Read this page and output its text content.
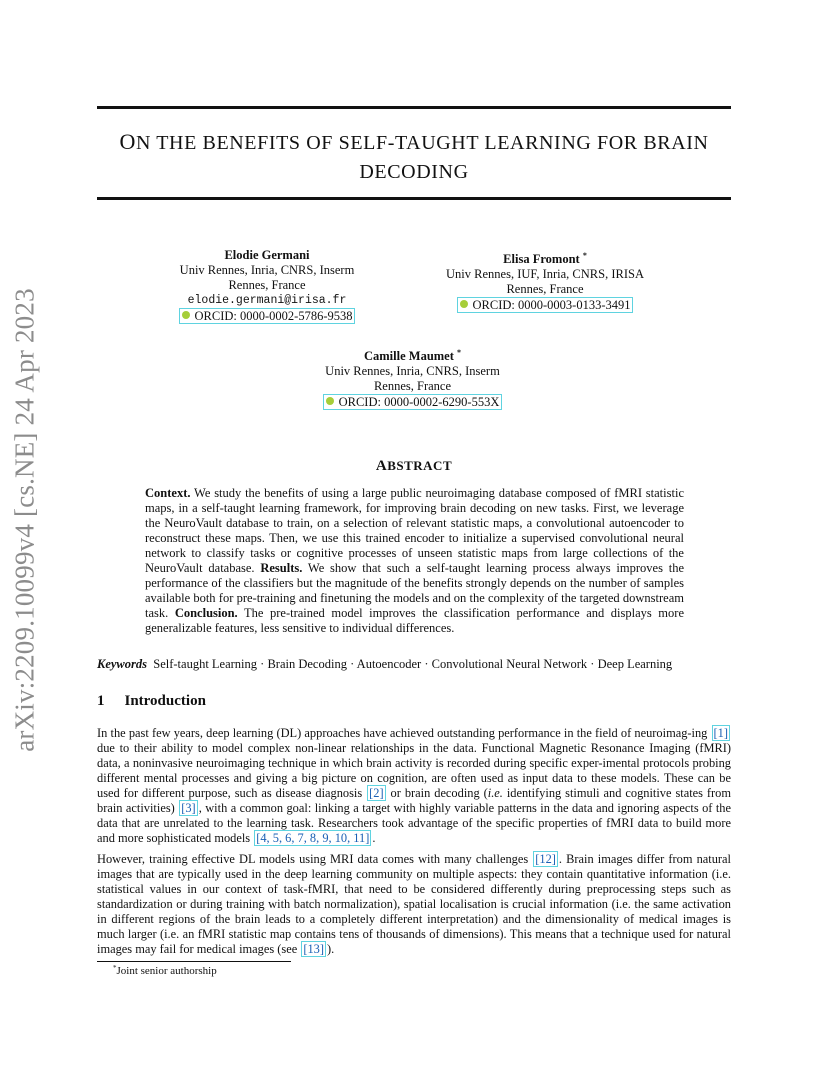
arXiv:2209.10099v4 [cs.NE] 24 Apr 2023
ON THE BENEFITS OF SELF-TAUGHT LEARNING FOR BRAIN
DECODING
Elodie Germani
Univ Rennes, Inria, CNRS, Inserm
Rennes, France
elodie.germani@irisa.fr
ORCID: 0000-0002-5786-9538
Elisa Fromont *
Univ Rennes, IUF, Inria, CNRS, IRISA
Rennes, France
ORCID: 0000-0003-0133-3491
Camille Maumet *
Univ Rennes, Inria, CNRS, Inserm
Rennes, France
ORCID: 0000-0002-6290-553X
ABSTRACT
Context. We study the benefits of using a large public neuroimaging database composed of fMRI statistic maps, in a self-taught learning framework, for improving brain decoding on new tasks. First, we leverage the NeuroVault database to train, on a selection of relevant statistic maps, a convolutional autoencoder to reconstruct these maps. Then, we use this trained encoder to initialize a supervised convolutional neural network to classify tasks or cognitive processes of unseen statistic maps from large collections of the NeuroVault database. Results. We show that such a self-taught learning process always improves the performance of the classifiers but the magnitude of the benefits strongly depends on the number of samples available both for pre-training and finetuning the models and on the complexity of the targeted downstream task. Conclusion. The pre-trained model improves the classification performance and displays more generalizable features, less sensitive to individual differences.
Keywords Self-taught Learning · Brain Decoding · Autoencoder · Convolutional Neural Network · Deep Learning
1 Introduction
In the past few years, deep learning (DL) approaches have achieved outstanding performance in the field of neuroimag-ing [1] due to their ability to model complex non-linear relationships in the data. Functional Magnetic Resonance Imaging (fMRI) data, a noninvasive neuroimaging technique in which brain activity is recorded during specific exper-imental protocols probing different mental processes and giving a big picture on cognition, are often used as input data to these models. These can be used for different purpose, such as disease diagnosis [2] or brain decoding (i.e. identifying stimuli and cognitive states from brain activities) [3] , with a common goal: linking a target with highly variable patterns in the data and ignoring aspects of the data that are unrelated to the learning task. Researchers took advantage of the specific properties of fMRI data to build more and more sophisticated models [4, 5, 6, 7, 8, 9, 10, 11] .
However, training effective DL models using MRI data comes with many challenges [12] . Brain images differ from natural images that are typically used in the deep learning community on multiple aspects: they contain quantitative information (i.e. statistical values in our context of task-fMRI, that need to be considered differently during preprocessing steps such as standardization or during training with batch normalization), spatial localisation is crucial information (i.e. the same activation in different regions of the brain leads to a completely different interpretation) and the dimensionality of medical images is much larger (i.e. an fMRI statistic map contains tens of thousands of dimensions). This means that a technique used for natural images may fail for medical images (see [13] ).
*Joint senior authorship
